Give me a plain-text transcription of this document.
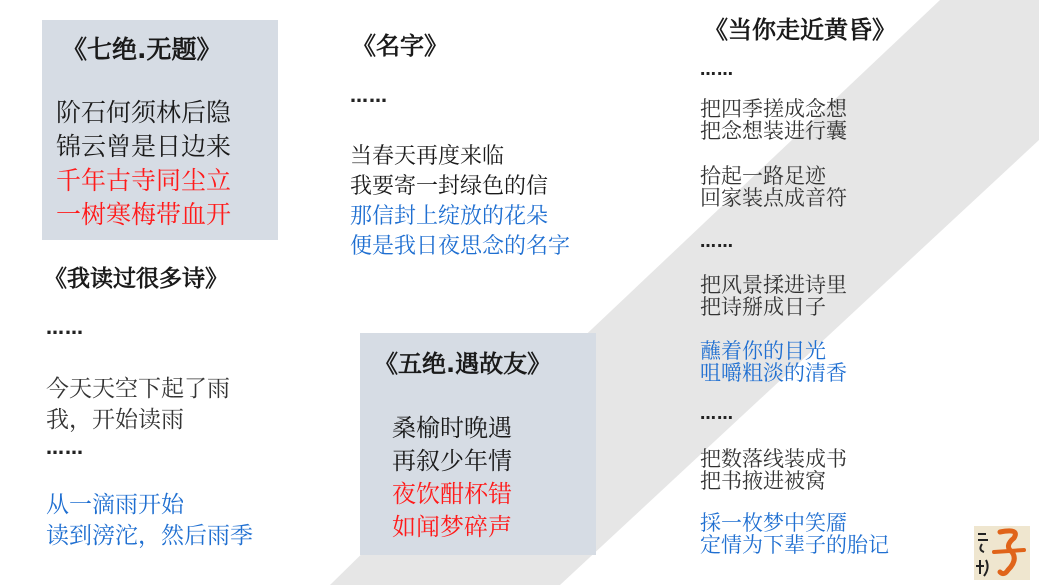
《七绝.无题》
阶石何须林后隐
锦云曾是日边来
千年古寺同尘立
一树寒梅带血开
《我读过很多诗》
……
今天天空下起了雨
我，开始读雨
……
从一滴雨开始
读到滂沱，然后雨季
《名字》
……
当春天再度来临
我要寄一封绿色的信
那信封上绽放的花朵
便是我日夜思念的名字
《五绝.遇故友》
桑榆时晚遇
再叙少年情
夜饮酣杯错
如闻梦碎声
《当你走近黄昏》
……
把四季搓成念想
把念想装进行囊
拾起一路足迹
回家装点成音符
……
把风景揉进诗里
把诗掰成日子
蘸着你的目光
咀嚼粗淡的清香
……
把数落线装成书
把书掖进被窝
採一枚梦中笑靥
定情为下辈子的胎记
